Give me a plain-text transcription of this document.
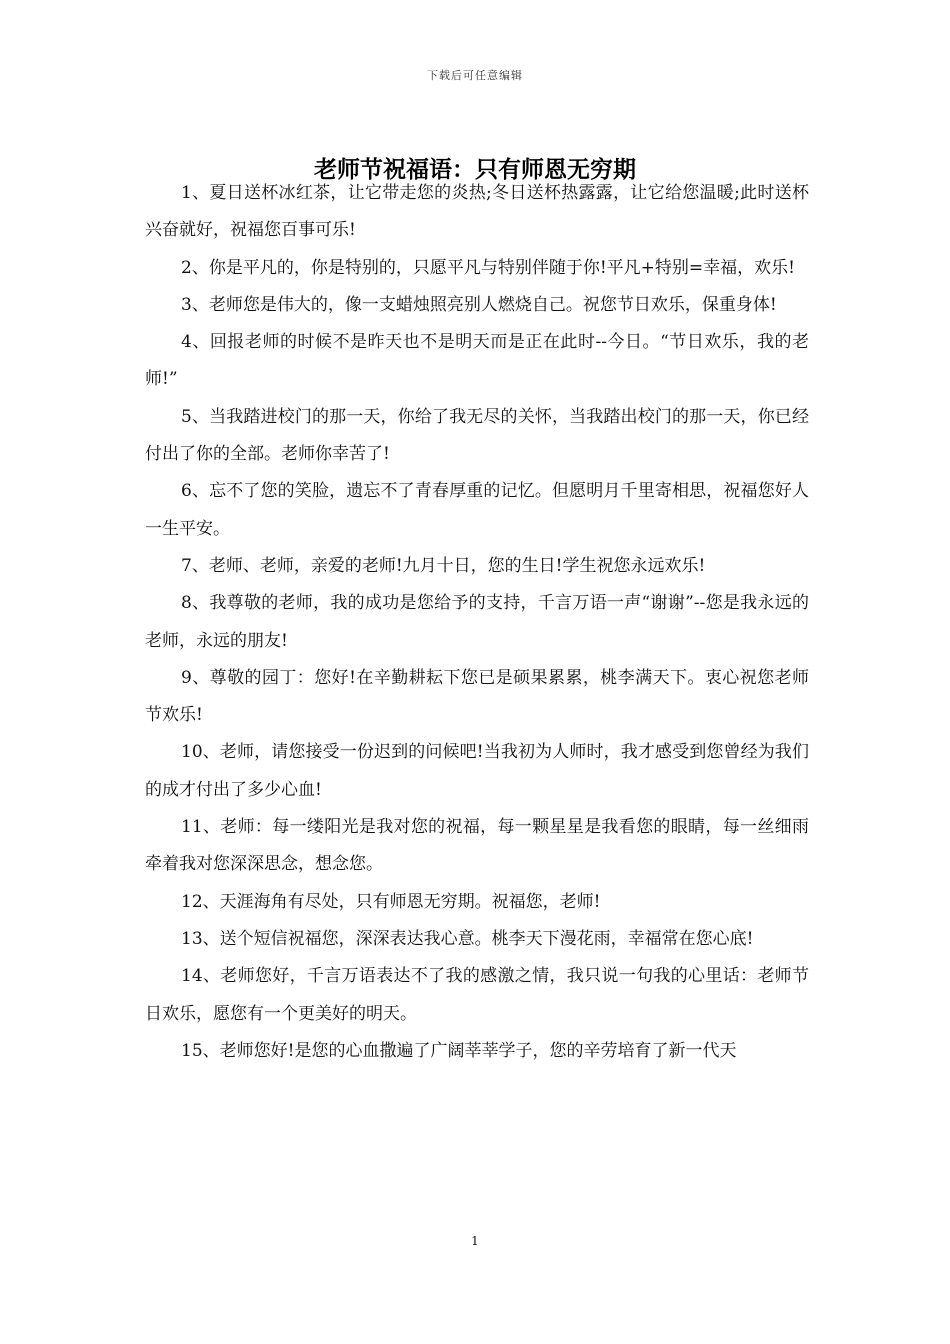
下载后可任意编辑
老师节祝福语：只有师恩无穷期

1、夏日送杯冰红茶，让它带走您的炎热;冬日送杯热露露，让它给您温暖;此时送杯兴奋就好，祝福您百事可乐!

2、你是平凡的，你是特别的，只愿平凡与特别伴随于你!平凡+特别=幸福，欢乐!

3、老师您是伟大的，像一支蜡烛照亮别人燃烧自己。祝您节日欢乐，保重身体!

4、回报老师的时候不是昨天也不是明天而是正在此时--今日。“节日欢乐，我的老师!”

5、当我踏进校门的那一天，你给了我无尽的关怀，当我踏出校门的那一天，你已经付出了你的全部。老师你幸苦了!

6、忘不了您的笑脸，遗忘不了青春厚重的记忆。但愿明月千里寄相思，祝福您好人一生平安。

7、老师、老师，亲爱的老师!九月十日，您的生日!学生祝您永远欢乐!

8、我尊敬的老师，我的成功是您给予的支持，千言万语一声“谢谢”--您是我永远的老师，永远的朋友!

9、尊敬的园丁：您好!在辛勤耕耘下您已是硕果累累，桃李满天下。衷心祝您老师节欢乐!

10、老师，请您接受一份迟到的问候吧!当我初为人师时，我才感受到您曾经为我们的成才付出了多少心血!

11、老师：每一缕阳光是我对您的祝福，每一颗星星是我看您的眼睛，每一丝细雨牵着我对您深深思念，想念您。

12、天涯海角有尽处，只有师恩无穷期。祝福您，老师!

13、送个短信祝福您，深深表达我心意。桃李天下漫花雨，幸福常在您心底!

14、老师您好，千言万语表达不了我的感激之情，我只说一句我的心里话：老师节日欢乐，愿您有一个更美好的明天。

15、老师您好!是您的心血撒遍了广阔莘莘学子，您的辛劳培育了新一代天

1
